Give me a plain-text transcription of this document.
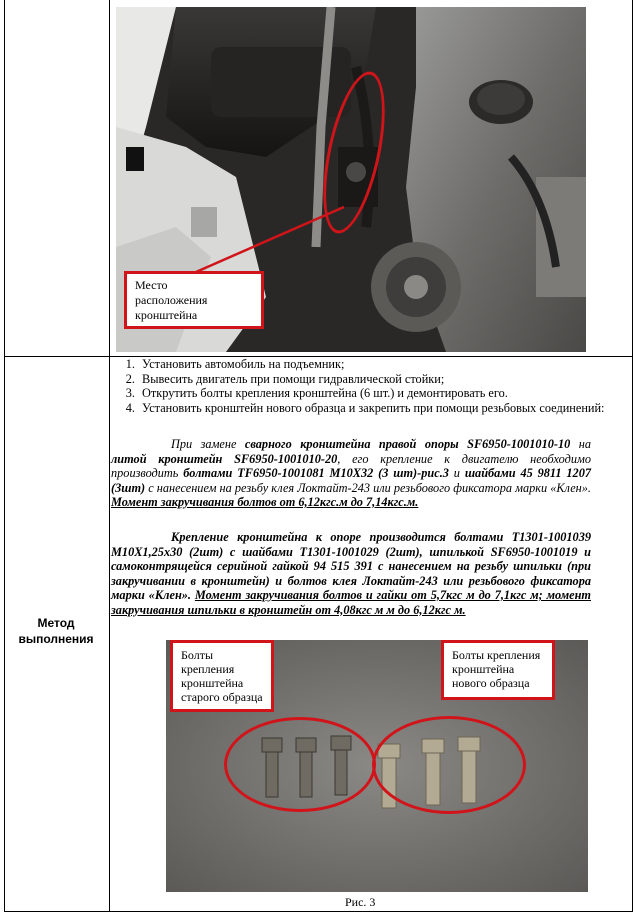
Место
расположения
кронштейна
Метод
выполнения
1. Установить автомобиль на подъемник;
2. Вывесить двигатель при помощи гидравлической стойки;
3. Открутить болты крепления кронштейна (6 шт.) и демонтировать его.
4. Установить кронштейн нового образца и закрепить при помощи резьбовых соединений:

При замене сварного кронштейна правой опоры SF6950-1001010-10 на литой кронштейн SF6950-1001010-20, его крепление к двигателю необходимо производить болтами TF6950-1001081 М10Х32 (3 шт)-рис.3 и шайбами 45 9811 1207 (3шт) с нанесением на резьбу клея Локтайт-243 или резьбового фиксатора марки «Клен». Момент закручивания болтов от 6,12кгс.м до 7,14кгс.м.

Крепление кронштейна к опоре производится болтами Т1301-1001039 М10Х1,25х30 (2шт) с шайбами Т1301-1001029 (2шт), шпилькой SF6950-1001019 и самоконтрящейся серийной гайкой 94 515 391 с нанесением на резьбу шпильки (при закручивании в кронштейн) и болтов клея Локтайт-243 или резьбового фиксатора марки «Клен». Момент закручивания болтов и гайки от 5,7кгс м до 7,1кгс м; момент закручивания шпильки в кронштейн от 4,08кгс м м до 6,12кгс м.

Болты
крепления
кронштейна
старого образца
Болты крепления
кронштейна
нового образца
Рис. 3
